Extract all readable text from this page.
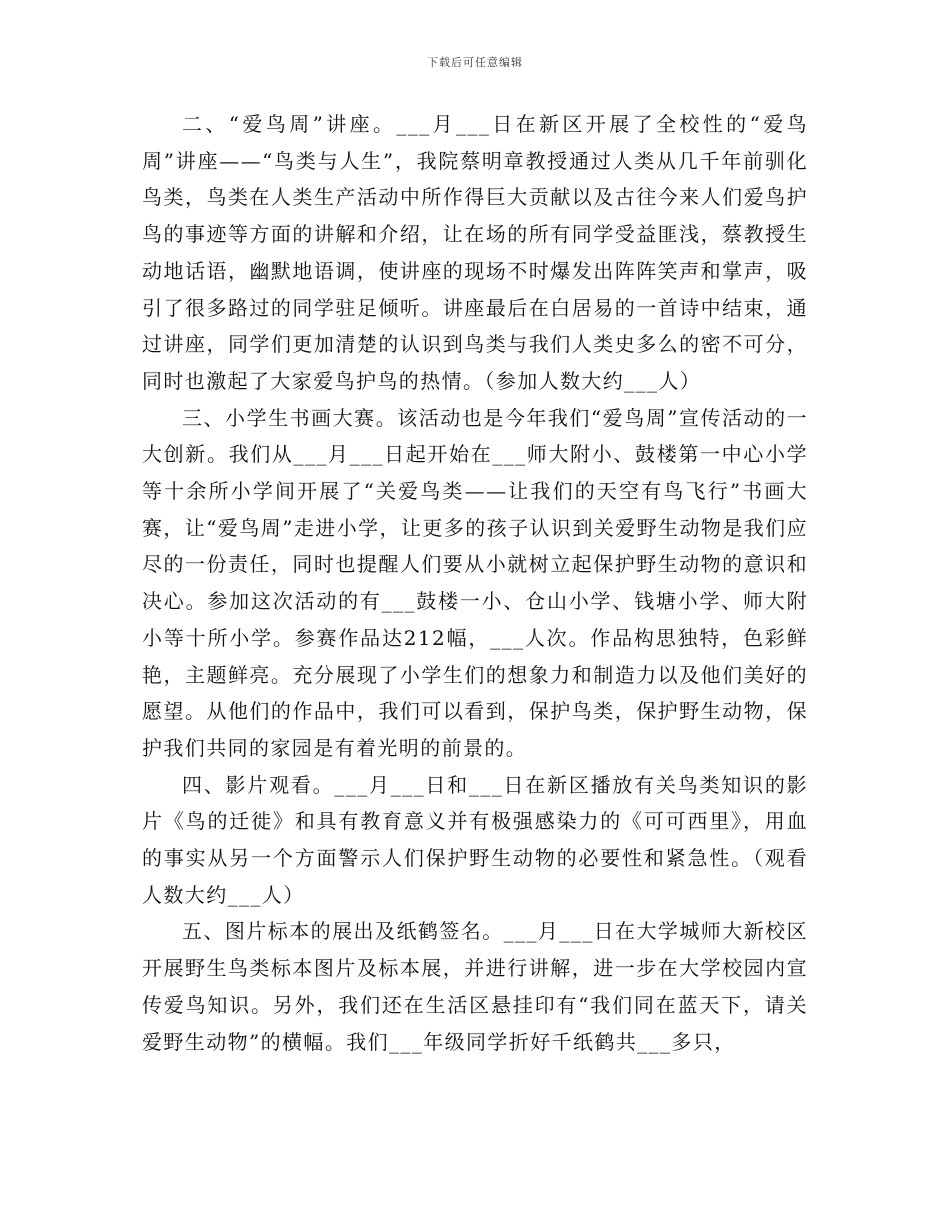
下载后可任意编辑

二、“爱鸟周”讲座。___月___日在新区开展了全校性的“爱鸟周”讲座——“鸟类与人生”，我院蔡明章教授通过人类从几千年前驯化鸟类，鸟类在人类生产活动中所作得巨大贡献以及古往今来人们爱鸟护鸟的事迹等方面的讲解和介绍，让在场的所有同学受益匪浅，蔡教授生动地话语，幽默地语调，使讲座的现场不时爆发出阵阵笑声和掌声，吸引了很多路过的同学驻足倾听。讲座最后在白居易的一首诗中结束，通过讲座，同学们更加清楚的认识到鸟类与我们人类史多么的密不可分，同时也激起了大家爱鸟护鸟的热情。（参加人数大约___人）

三、小学生书画大赛。该活动也是今年我们“爱鸟周”宣传活动的一大创新。我们从___月___日起开始在___师大附小、鼓楼第一中心小学等十余所小学间开展了“关爱鸟类——让我们的天空有鸟飞行”书画大赛，让“爱鸟周”走进小学，让更多的孩子认识到关爱野生动物是我们应尽的一份责任，同时也提醒人们要从小就树立起保护野生动物的意识和决心。参加这次活动的有___鼓楼一小、仓山小学、钱塘小学、师大附小等十所小学。参赛作品达212幅，___人次。作品构思独特，色彩鲜艳，主题鲜亮。充分展现了小学生们的想象力和制造力以及他们美好的愿望。从他们的作品中，我们可以看到，保护鸟类，保护野生动物，保护我们共同的家园是有着光明的前景的。

四、影片观看。___月___日和___日在新区播放有关鸟类知识的影片《鸟的迁徙》和具有教育意义并有极强感染力的《可可西里》，用血的事实从另一个方面警示人们保护野生动物的必要性和紧急性。（观看人数大约___人）

五、图片标本的展出及纸鹤签名。___月___日在大学城师大新校区开展野生鸟类标本图片及标本展，并进行讲解，进一步在大学校园内宣传爱鸟知识。另外，我们还在生活区悬挂印有“我们同在蓝天下，请关爱野生动物”的横幅。我们___年级同学折好千纸鹤共___多只，
